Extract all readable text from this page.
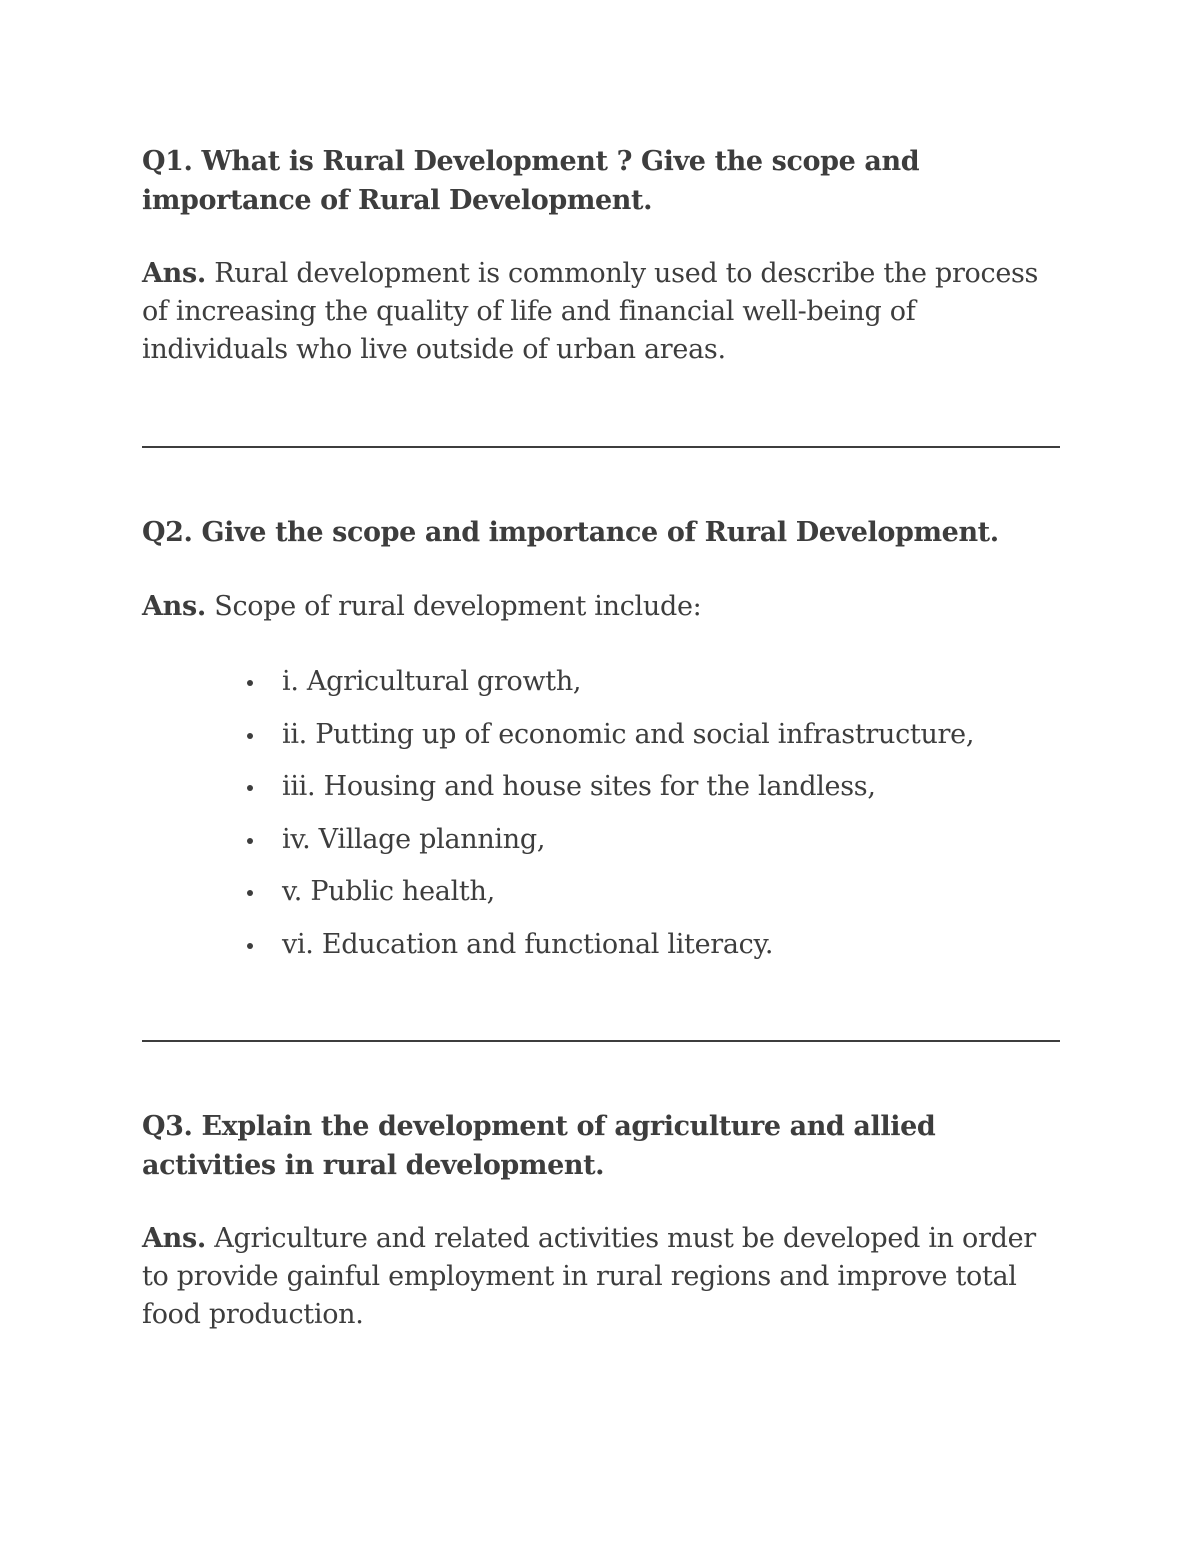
Q1. What is Rural Development ? Give the scope and importance of Rural Development.

Ans. Rural development is commonly used to describe the process of increasing the quality of life and financial well-being of individuals who live outside of urban areas.

Q2. Give the scope and importance of Rural Development.

Ans. Scope of rural development include:

i. Agricultural growth,
ii. Putting up of economic and social infrastructure,
iii. Housing and house sites for the landless,
iv. Village planning,
v. Public health,
vi. Education and functional literacy.

Q3. Explain the development of agriculture and allied activities in rural development.

Ans. Agriculture and related activities must be developed in order to provide gainful employment in rural regions and improve total food production.
